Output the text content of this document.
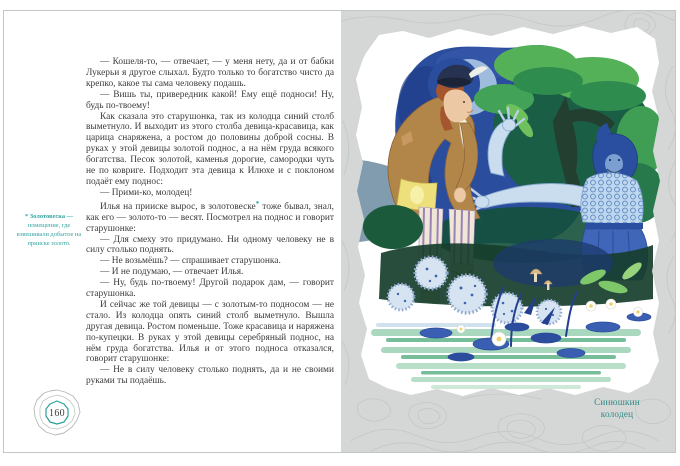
— Кошеля-то, — отвечает, — у меня нету, да и от бабки Лукерьи я другое слыхал. Будто только то богатство чисто да крепко, какое ты сама человеку подашь.

— Вишь ты, привередник какой! Ему ещё подноси! Ну, будь по-твоему!

Как сказала это старушонка, так из колодца синий столб выметнуло. И выходит из этого столба девица-красавица, как царица снаряжена, а ростом до половины доброй сосны. В руках у этой девицы золотой поднос, а на нём груда всякого богатства. Песок золотой, каменья дорогие, самородки чуть не по ковриге. Подходит эта девица к Илюхе и с поклоном подаёт ему поднос:

— Прими-ко, молодец!

Илья на прииске вырос, в золотовеске* тоже бывал, знал, как его — золото-то — весят. Посмотрел на поднос и говорит старушонке:

— Для смеху это придумано. Ни одному человеку не в силу столько поднять.

— Не возьмёшь? — спрашивает старушонка.

— И не подумаю, — отвечает Илья.

— Ну, будь по-твоему! Другой подарок дам, — говорит старушонка.

И сейчас же той девицы — с золотым-то подносом — не стало. Из колодца опять синий столб выметнуло. Вышла другая девица. Ростом поменьше. Тоже красавица и наряжена по-купецки. В руках у этой девицы серебряный поднос, на нём груда богатства. Илья и от этого подноса отказался, говорит старушонке:

— Не в силу человеку столько поднять, да и не своими руками ты подаёшь.

* Золотовеска — помещение, где взвешивали добытое на прииске золото.
160
Синюшкин колодец
